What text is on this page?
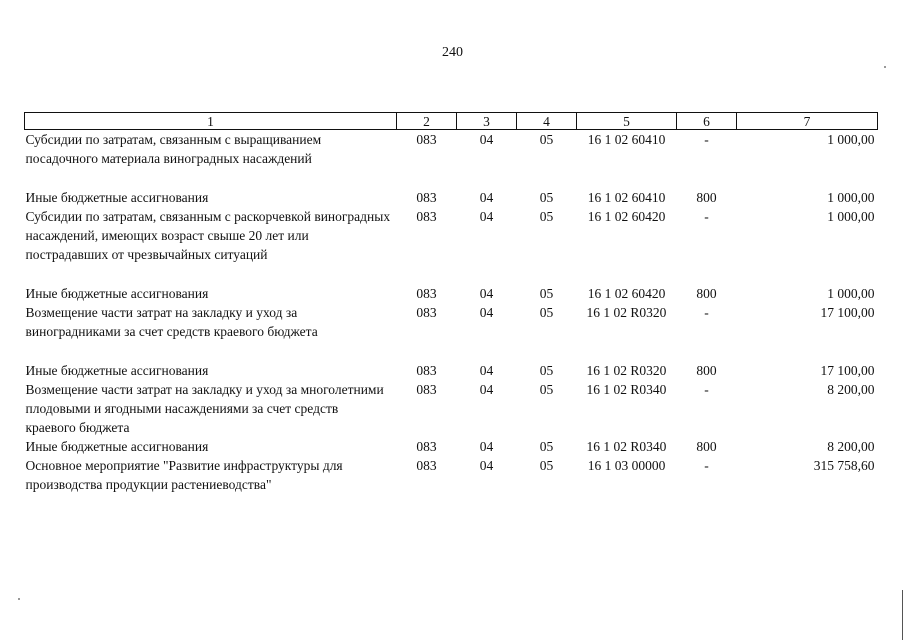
240
1	2	3	4	5	6	7
Субсидии по затратам, связанным с выращиванием посадочного материала виноградных насаждений	083	04	05	16 1 02 60410	-	1 000,00
Иные бюджетные ассигнования	083	04	05	16 1 02 60410	800	1 000,00
Субсидии по затратам, связанным с раскорчевкой виноградных насаждений, имеющих возраст свыше 20 лет или пострадавших от чрезвычайных ситуаций	083	04	05	16 1 02 60420	-	1 000,00
Иные бюджетные ассигнования	083	04	05	16 1 02 60420	800	1 000,00
Возмещение части затрат на закладку и уход за виноградниками за счет средств краевого бюджета	083	04	05	16 1 02 R0320	-	17 100,00
Иные бюджетные ассигнования	083	04	05	16 1 02 R0320	800	17 100,00
Возмещение части затрат на закладку и уход за многолетними плодовыми и ягодными насаждениями за счет средств краевого бюджета	083	04	05	16 1 02 R0340	-	8 200,00
Иные бюджетные ассигнования	083	04	05	16 1 02 R0340	800	8 200,00
Основное мероприятие "Развитие инфраструктуры для производства продукции растениеводства"	083	04	05	16 1 03 00000	-	315 758,60
